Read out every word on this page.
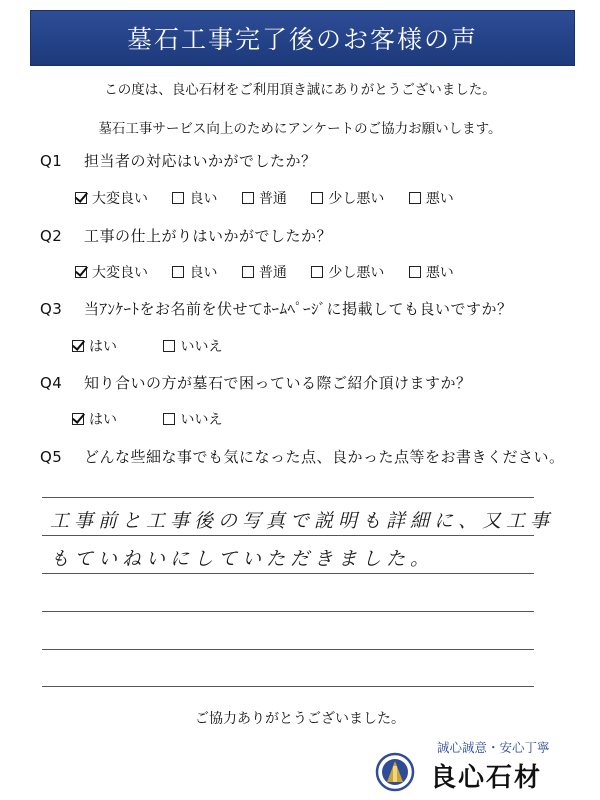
墓石工事完了後のお客様の声
この度は、良心石材をご利用頂き誠にありがとうございました。
墓石工事サービス向上のためにアンケートのご協力お願いします。
Q1 担当者の対応はいかがでしたか？
大変良い	良い	普通	少し悪い	悪い
Q2 工事の仕上がりはいかがでしたか？
大変良い	良い	普通	少し悪い	悪い
Q3 当ｱﾝｹｰﾄをお名前を伏せてﾎｰﾑﾍﾟｰｼﾞに掲載しても良いですか？
はい	いいえ
Q4 知り合いの方が墓石で困っている際ご紹介頂けますか？
はい	いいえ
Q5 どんな些細な事でも気になった点、良かった点等をお書きください。
工事前と工事後の写真で説明も詳細に、又工事
もていねいにしていただきました。
ご協力ありがとうございました。
誠心誠意・安心丁寧
良心石材
